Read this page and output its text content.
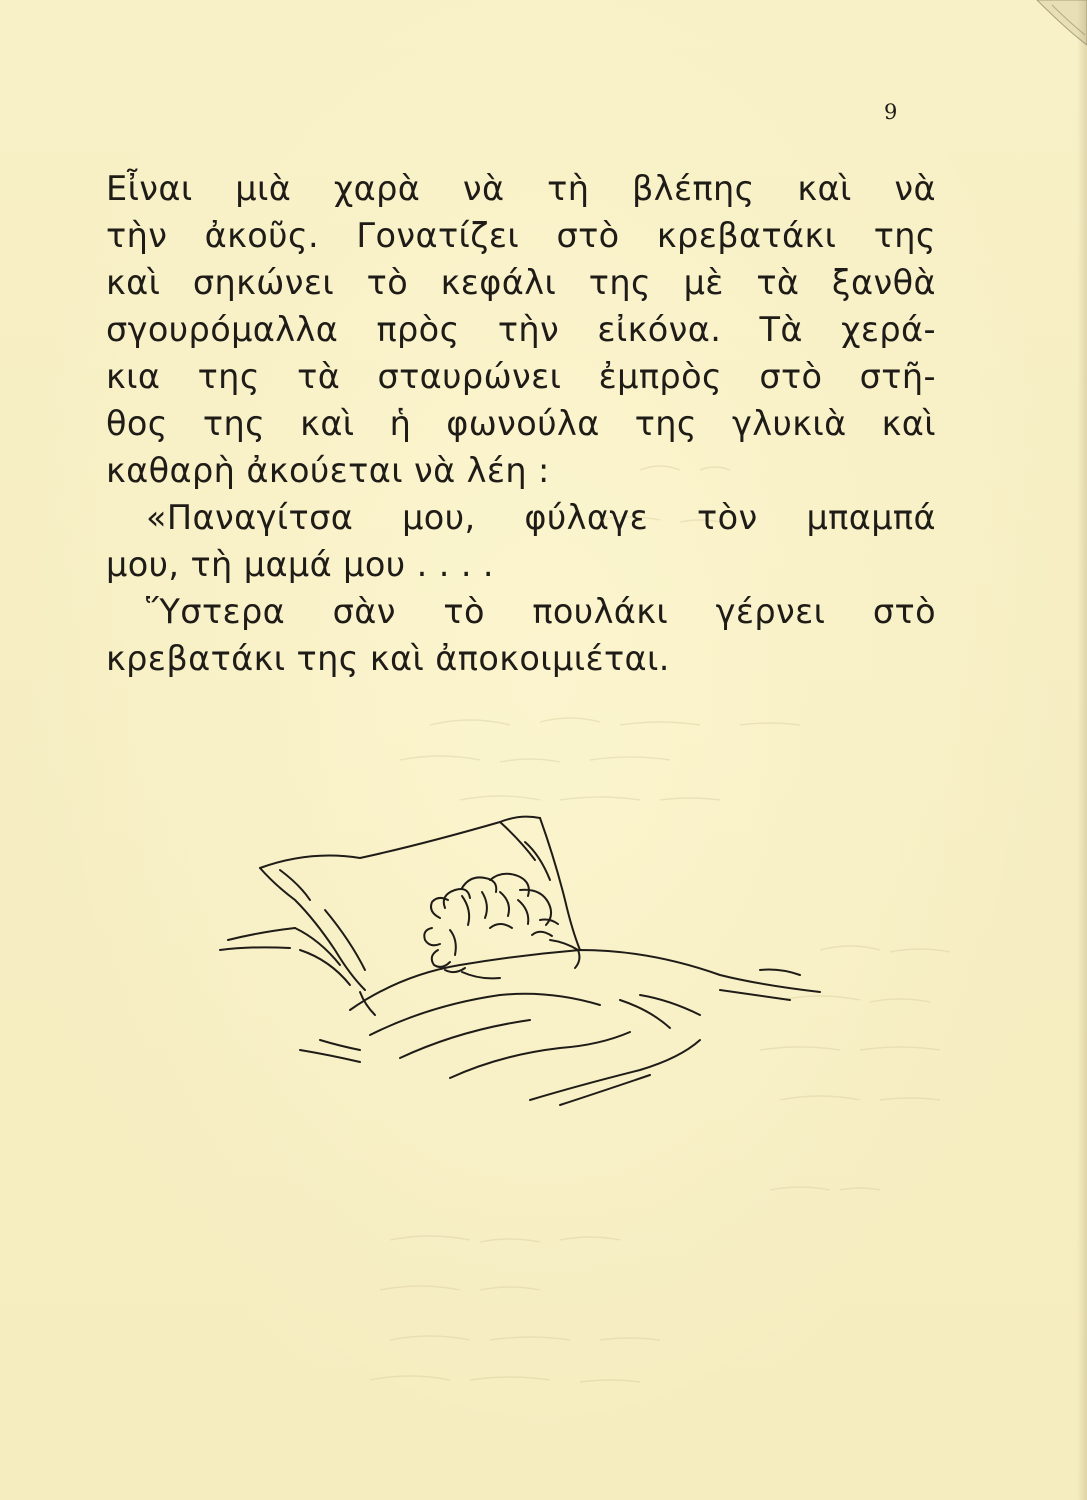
9
Εἶναι μιὰ χαρὰ νὰ τὴ βλέπης καὶ νὰ
τὴν ἀκοῦς. Γονατίζει στὸ κρεβατάκι της
καὶ σηκώνει τὸ κεφάλι της μὲ τὰ ξανθὰ
σγουρόμαλλα πρὸς τὴν εἰκόνα. Τὰ χερά-
κια της τὰ σταυρώνει ἐμπρὸς στὸ στῆ-
θος της καὶ ἡ φωνούλα της γλυκιὰ καὶ
καθαρὴ ἀκούεται νὰ λέη :
«Παναγίτσα μου, φύλαγε τὸν μπαμπά
μου, τὴ μαμά μου . . . .
Ὕστερα σὰν τὸ πουλάκι γέρνει στὸ
κρεβατάκι της καὶ ἀποκοιμιέται.
